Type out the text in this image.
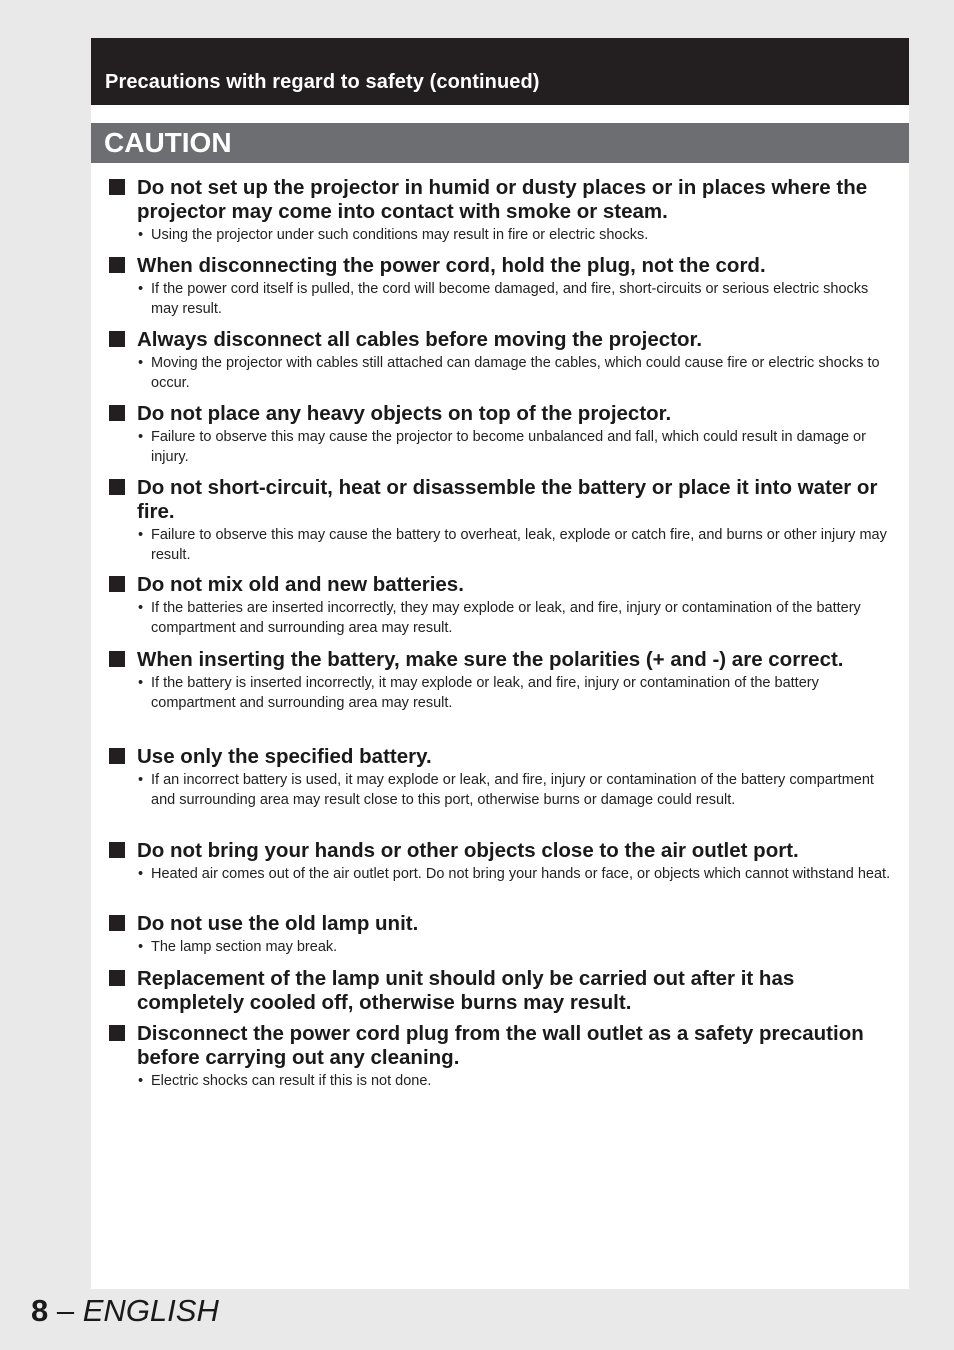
Precautions with regard to safety (continued)
CAUTION
Do not set up the projector in humid or dusty places or in places where the projector may come into contact with smoke or steam.
• Using the projector under such conditions may result in fire or electric shocks.
When disconnecting the power cord, hold the plug, not the cord.
• If the power cord itself is pulled, the cord will become damaged, and fire, short-circuits or serious electric shocks may result.
Always disconnect all cables before moving the projector.
• Moving the projector with cables still attached can damage the cables, which could cause fire or electric shocks to occur.
Do not place any heavy objects on top of the projector.
• Failure to observe this may cause the projector to become unbalanced and fall, which could result in damage or injury.
Do not short-circuit, heat or disassemble the battery or place it into water or fire.
• Failure to observe this may cause the battery to overheat, leak, explode or catch fire, and burns or other injury may result.
Do not mix old and new batteries.
• If the batteries are inserted incorrectly, they may explode or leak, and fire, injury or contamination of the battery compartment and surrounding area may result.
When inserting the battery, make sure the polarities (+ and -) are correct.
• If the battery is inserted incorrectly, it may explode or leak, and fire, injury or contamination of the battery compartment and surrounding area may result.
Use only the specified battery.
• If an incorrect battery is used, it may explode or leak, and fire, injury or contamination of the battery compartment and surrounding area may result close to this port, otherwise burns or damage could result.
Do not bring your hands or other objects close to the air outlet port.
• Heated air comes out of the air outlet port. Do not bring your hands or face, or objects which cannot withstand heat.
Do not use the old lamp unit.
• The lamp section may break.
Replacement of the lamp unit should only be carried out after it has completely cooled off, otherwise burns may result.
Disconnect the power cord plug from the wall outlet as a safety precaution before carrying out any cleaning.
• Electric shocks can result if this is not done.
8 – ENGLISH
